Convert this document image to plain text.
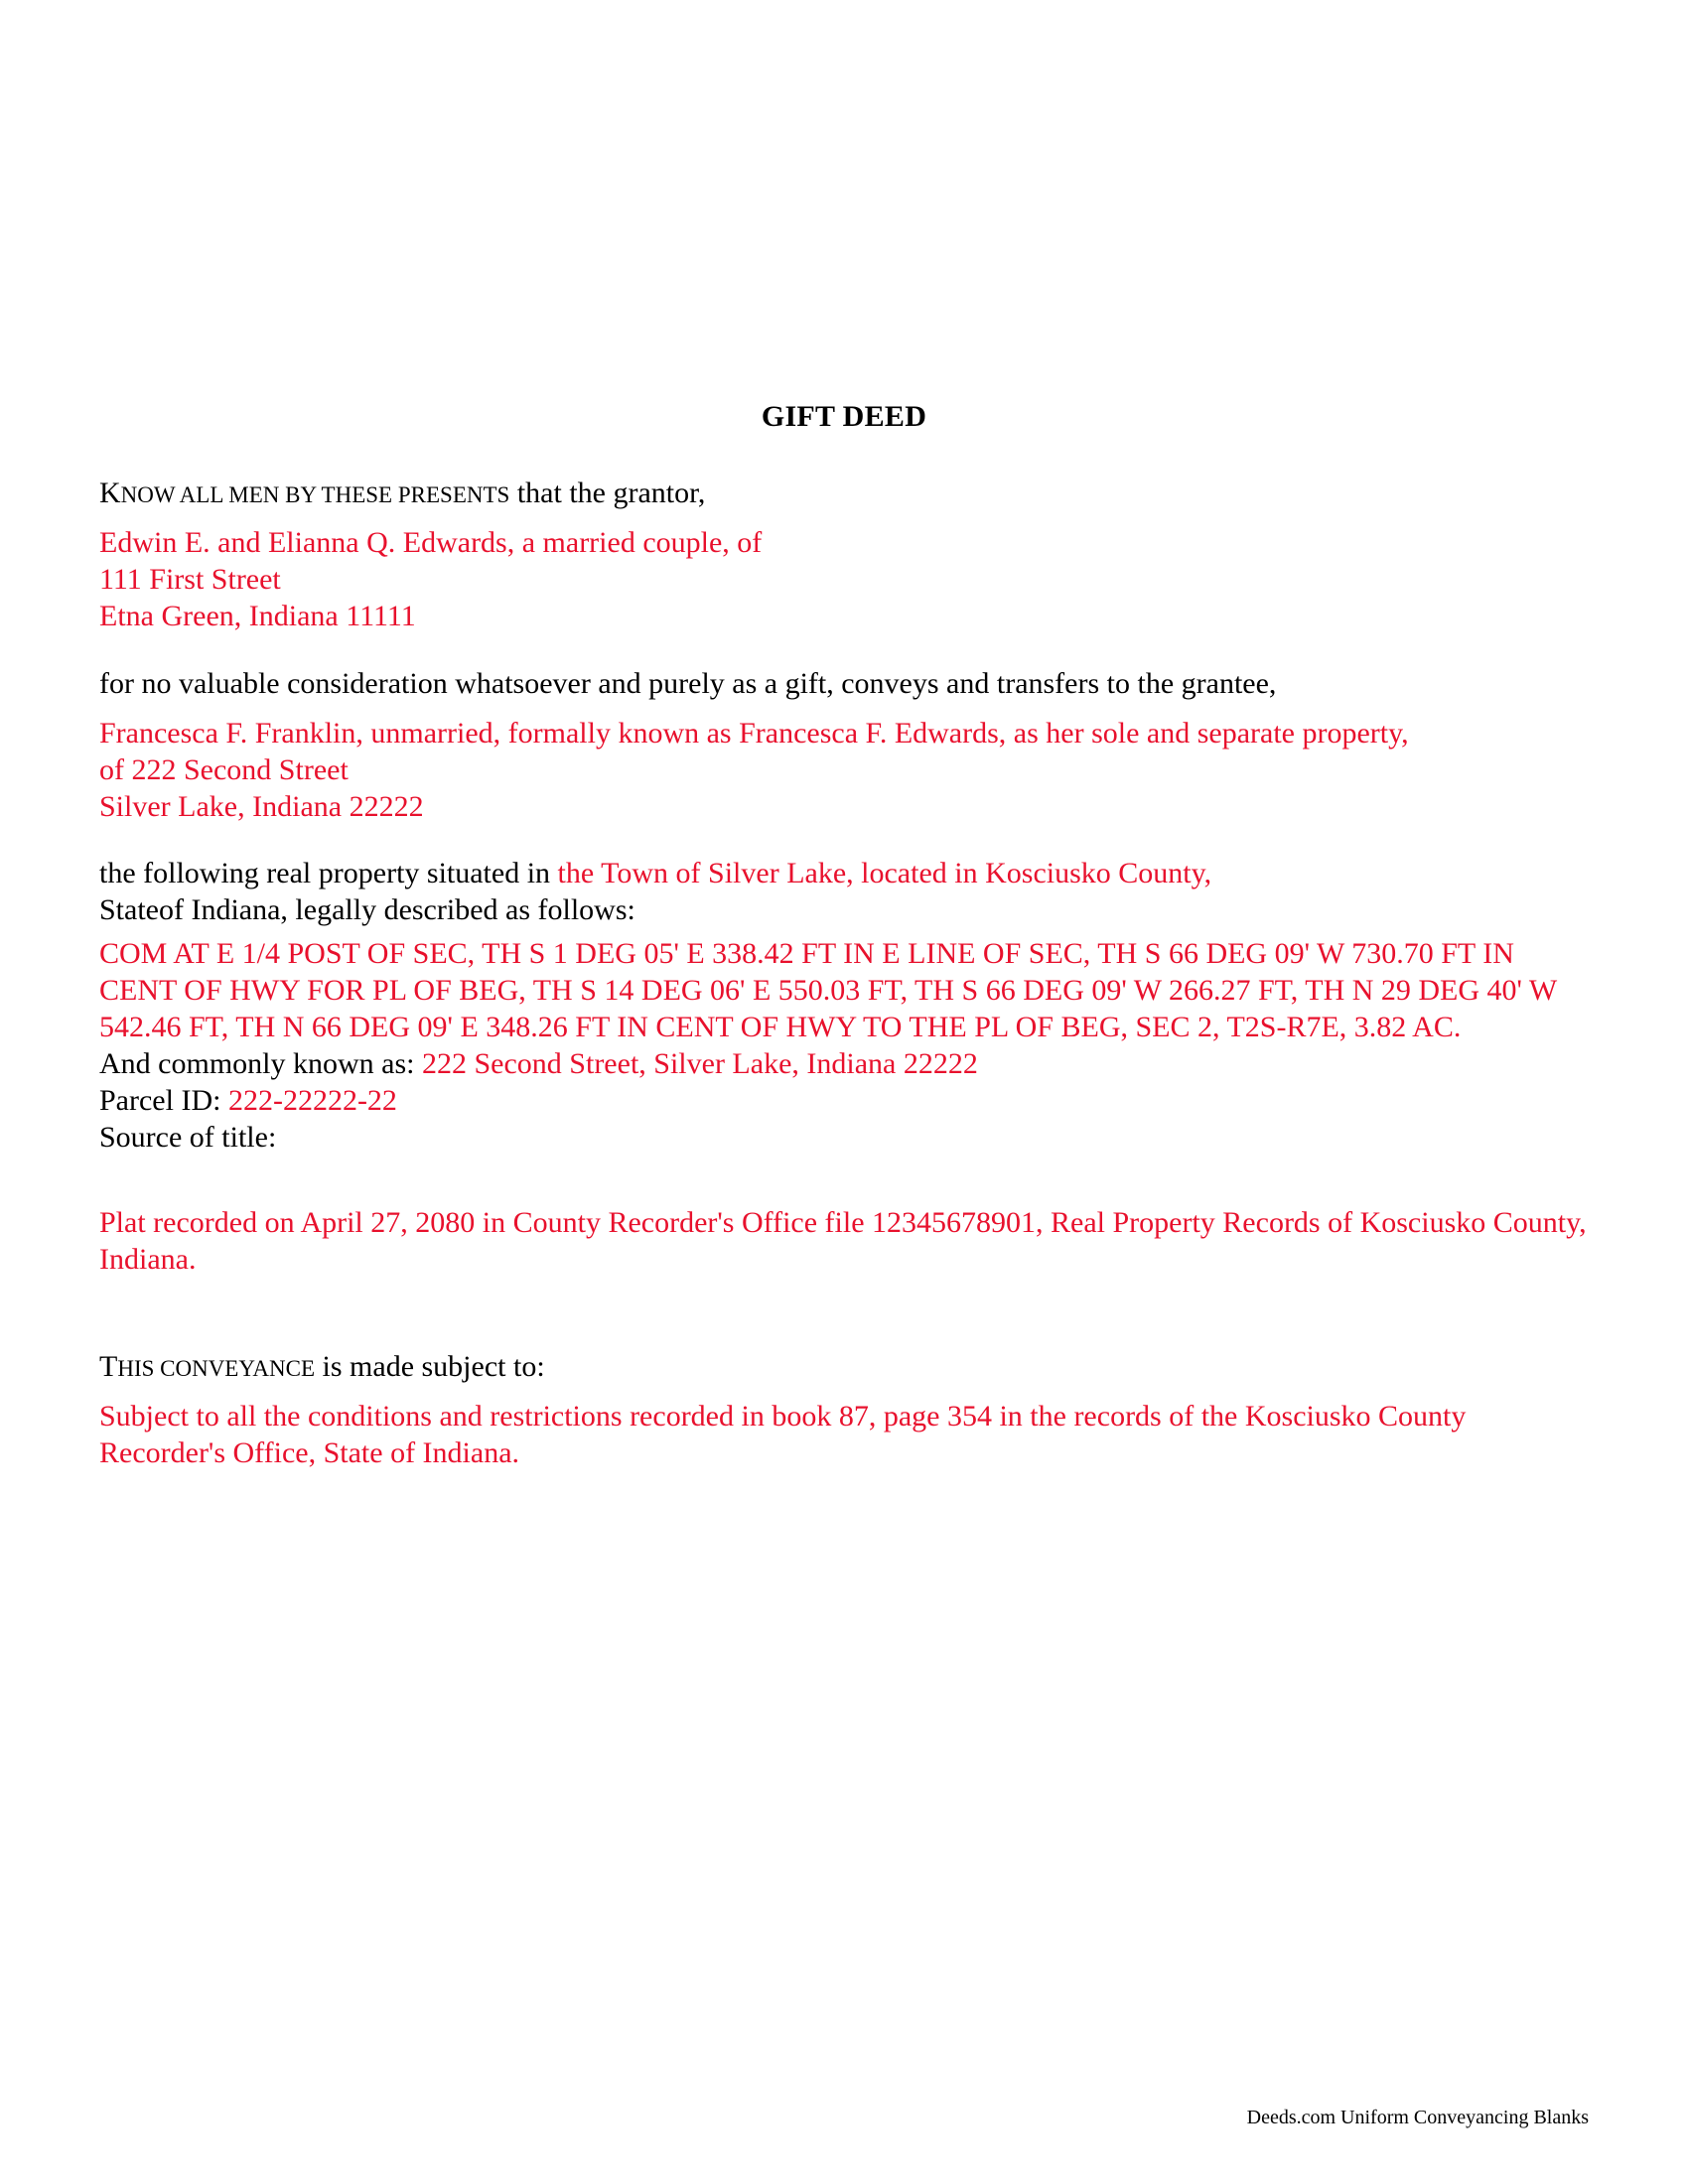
GIFT DEED
KNOW ALL MEN BY THESE PRESENTS that the grantor,
Edwin E. and Elianna Q. Edwards, a married couple, of
111 First Street
Etna Green, Indiana 11111
for no valuable consideration whatsoever and purely as a gift, conveys and transfers to the grantee,
Francesca F. Franklin, unmarried, formally known as Francesca F. Edwards, as her sole and separate property,
of 222 Second Street
Silver Lake, Indiana 22222
the following real property situated in the Town of Silver Lake, located in Kosciusko County,
Stateof Indiana, legally described as follows:
COM AT E 1/4 POST OF SEC, TH S 1 DEG 05' E 338.42 FT IN E LINE OF SEC, TH S 66 DEG 09' W 730.70 FT IN CENT OF HWY FOR PL OF BEG, TH S 14 DEG 06' E 550.03 FT, TH S 66 DEG 09' W 266.27 FT, TH N 29 DEG 40' W 542.46 FT, TH N 66 DEG 09' E 348.26 FT IN CENT OF HWY TO THE PL OF BEG, SEC 2, T2S-R7E, 3.82 AC.
And commonly known as: 222 Second Street, Silver Lake, Indiana 22222
Parcel ID: 222-22222-22
Source of title:
Plat recorded on April 27, 2080 in County Recorder's Office file 12345678901, Real Property Records of Kosciusko County, Indiana.
THIS CONVEYANCE is made subject to:
Subject to all the conditions and restrictions recorded in book 87, page 354 in the records of the Kosciusko County Recorder's Office, State of Indiana.
Deeds.com Uniform Conveyancing Blanks
